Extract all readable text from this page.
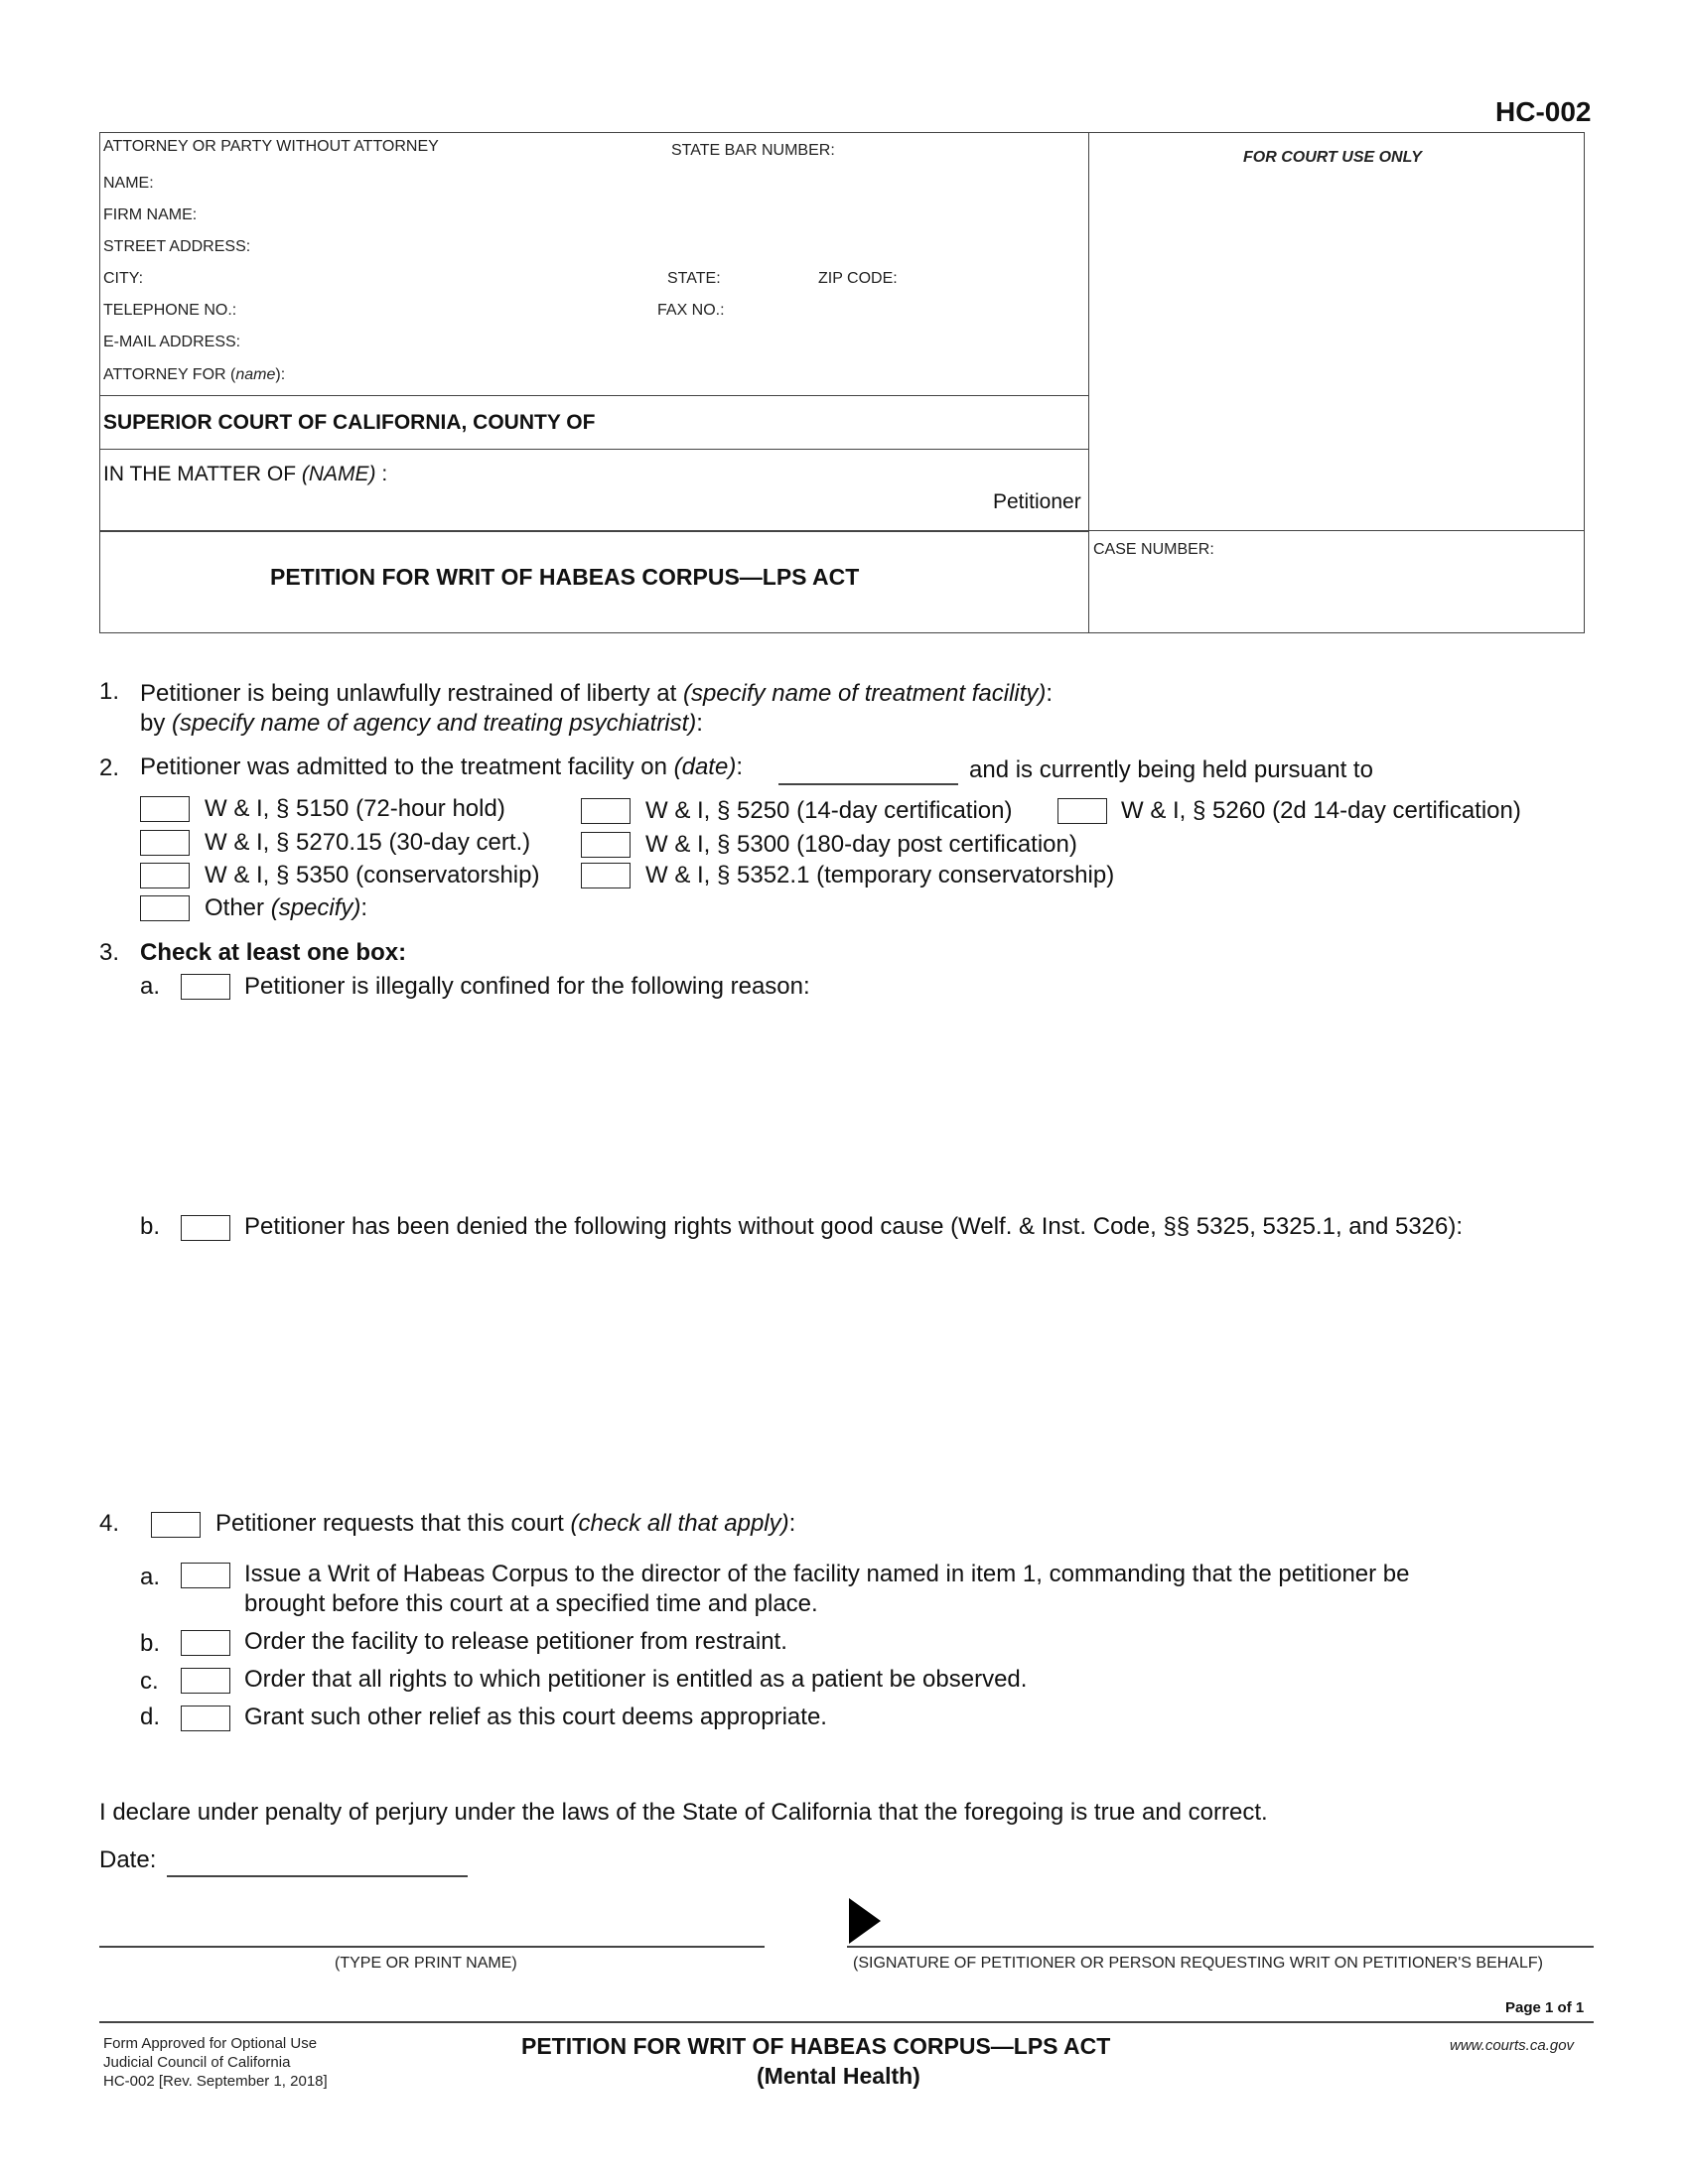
HC-002
ATTORNEY OR PARTY WITHOUT ATTORNEY	STATE BAR NUMBER:	FOR COURT USE ONLY
NAME:
FIRM NAME:
STREET ADDRESS:
CITY:	STATE:	ZIP CODE:
TELEPHONE NO.:	FAX NO.:
E-MAIL ADDRESS:
ATTORNEY FOR (name):
SUPERIOR COURT OF CALIFORNIA, COUNTY OF
IN THE MATTER OF (NAME) :
Petitioner
PETITION FOR WRIT OF HABEAS CORPUS—LPS ACT
CASE NUMBER:
1. Petitioner is being unlawfully restrained of liberty at (specify name of treatment facility):
by (specify name of agency and treating psychiatrist):
2. Petitioner was admitted to the treatment facility on (date):	and is currently being held pursuant to
W & I, § 5150 (72-hour hold)	W & I, § 5250 (14-day certification)	W & I, § 5260 (2d 14-day certification)
W & I, § 5270.15 (30-day cert.)	W & I, § 5300 (180-day post certification)
W & I, § 5350 (conservatorship)	W & I, § 5352.1 (temporary conservatorship)
Other (specify):
3. Check at least one box:
a.	Petitioner is illegally confined for the following reason:
b.	Petitioner has been denied the following rights without good cause (Welf. & Inst. Code, §§ 5325, 5325.1, and 5326):
4.	Petitioner requests that this court (check all that apply):
a.	Issue a Writ of Habeas Corpus to the director of the facility named in item 1, commanding that the petitioner be
brought before this court at a specified time and place.
b.	Order the facility to release petitioner from restraint.
c.	Order that all rights to which petitioner is entitled as a patient be observed.
d.	Grant such other relief as this court deems appropriate.
I declare under penalty of perjury under the laws of the State of California that the foregoing is true and correct.
Date:
(TYPE OR PRINT NAME)	(SIGNATURE OF PETITIONER OR PERSON REQUESTING WRIT ON PETITIONER'S BEHALF)
Page 1 of 1
Form Approved for Optional Use
Judicial Council of California
HC-002 [Rev. September 1, 2018]
PETITION FOR WRIT OF HABEAS CORPUS—LPS ACT
(Mental Health)
www.courts.ca.gov
